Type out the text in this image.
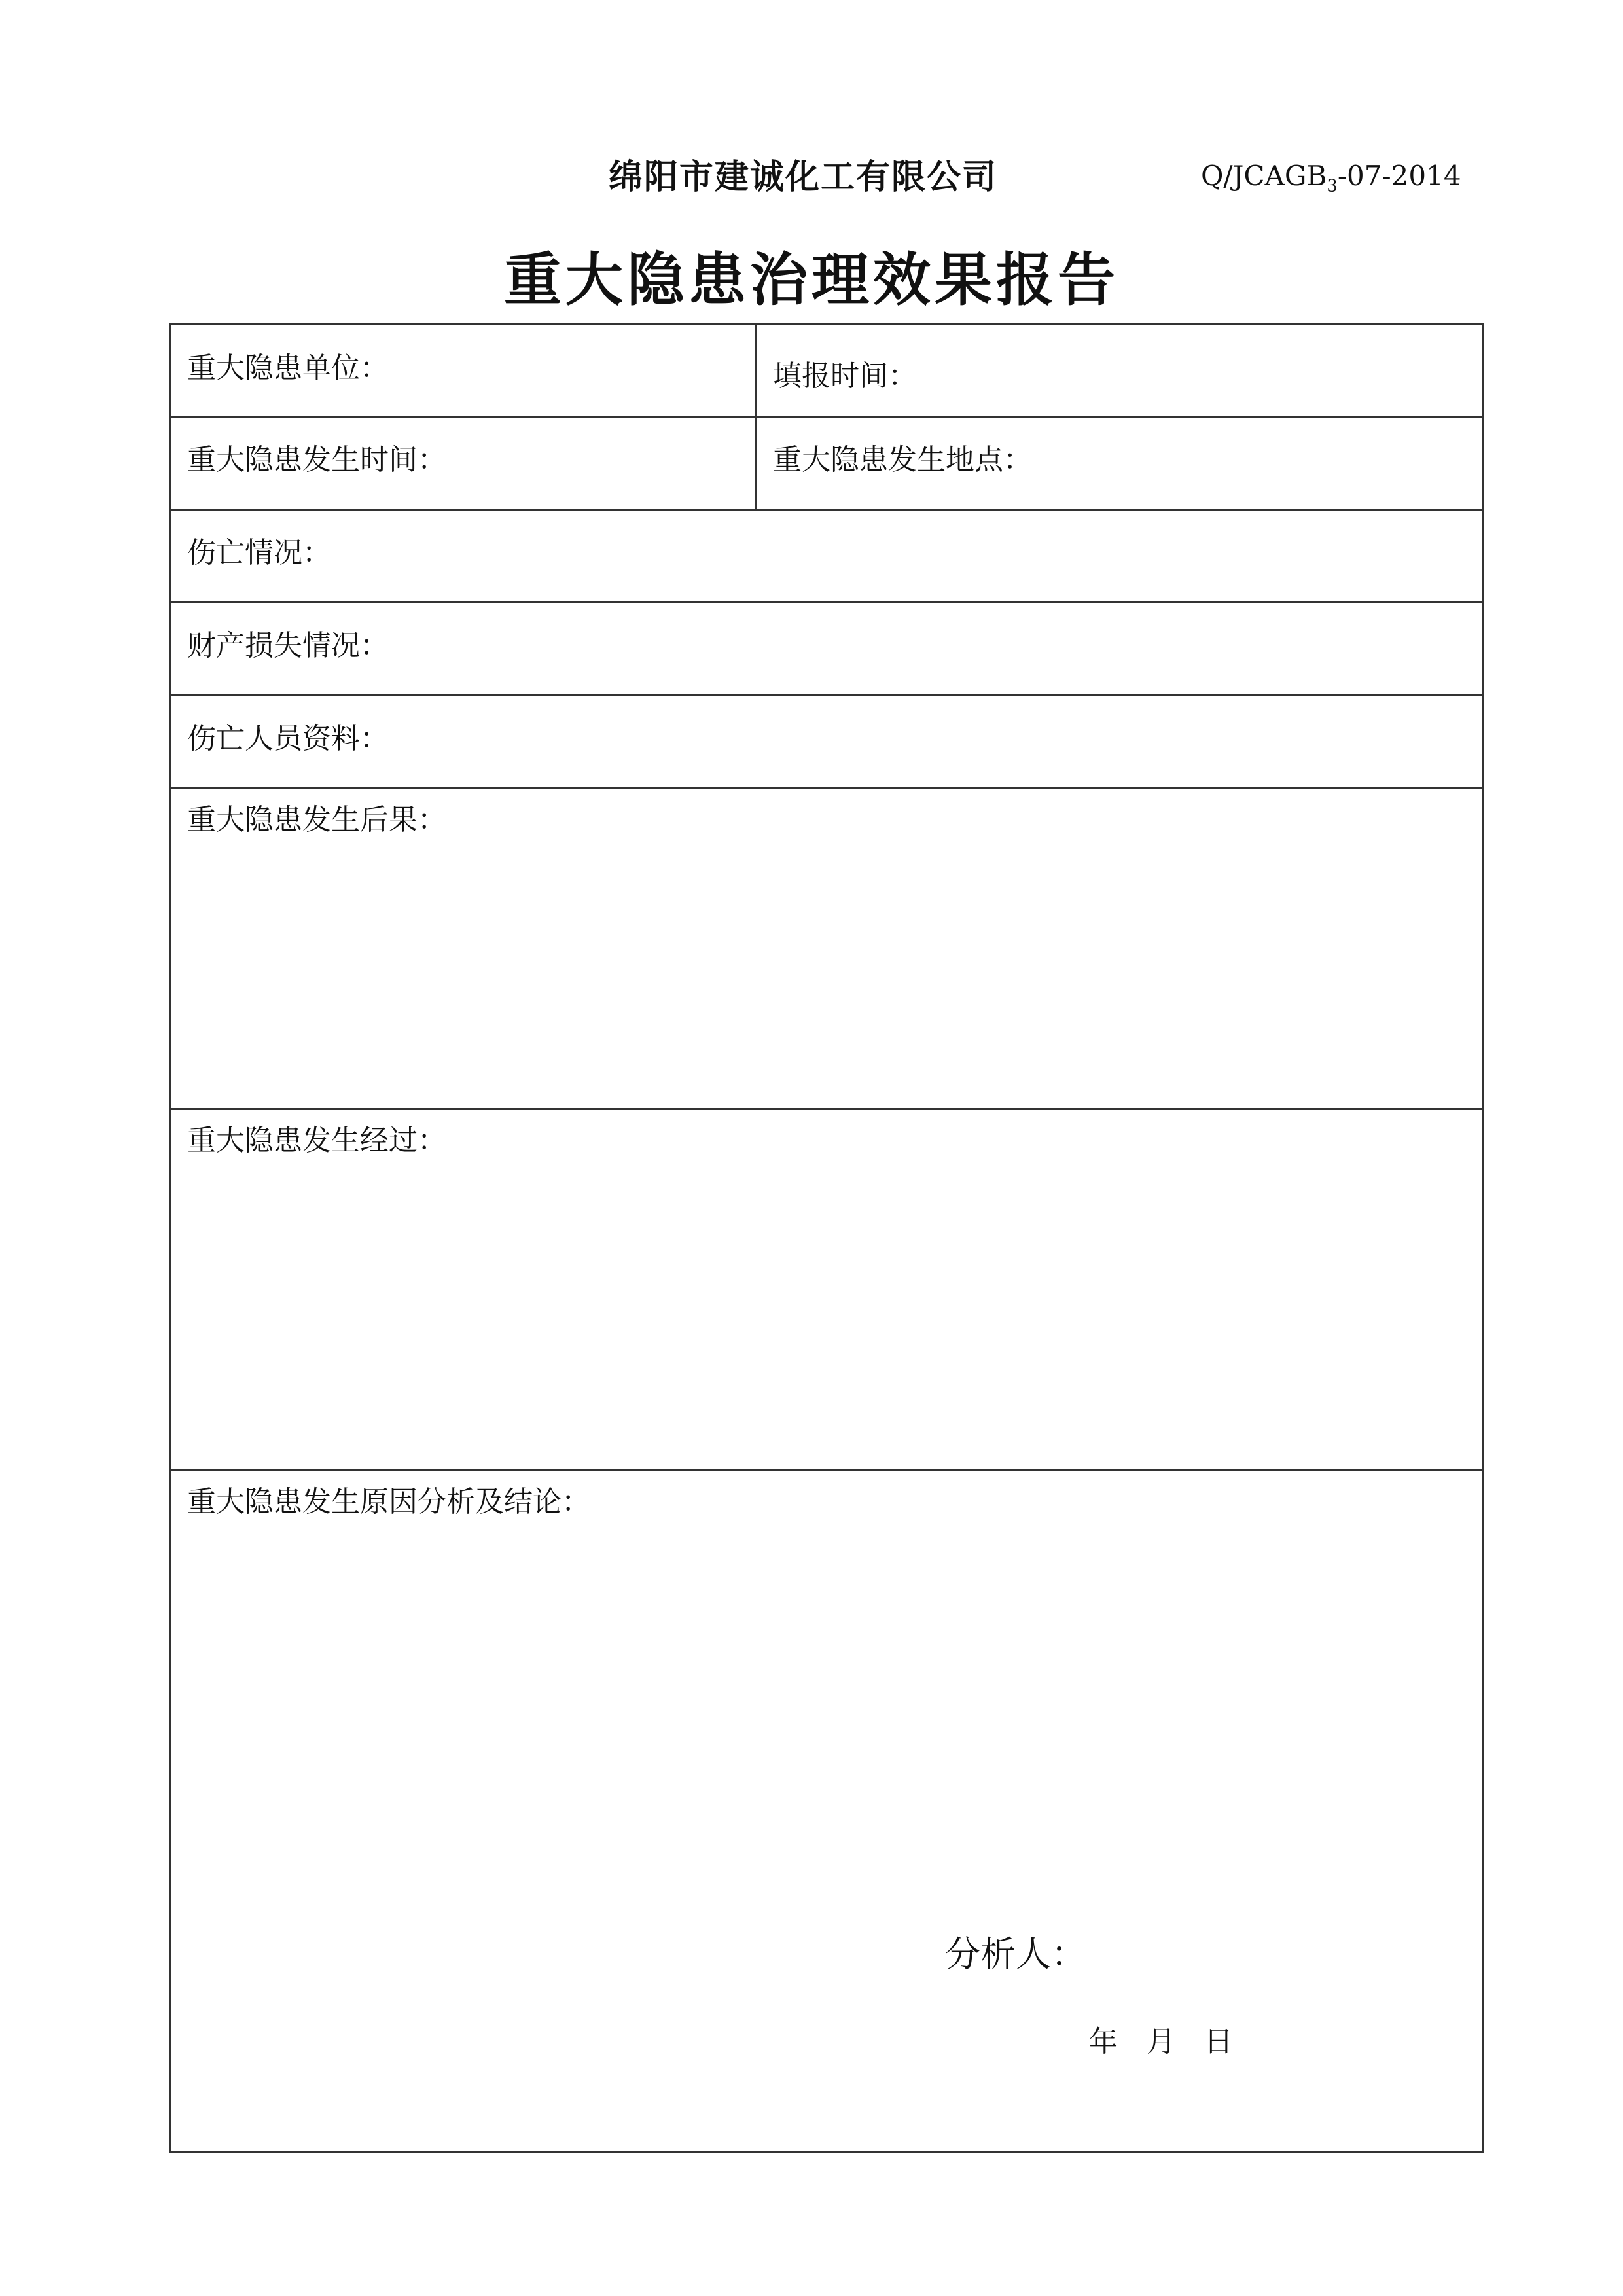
绵阳市建诚化工有限公司	$Q/JCAGB_3-07-2014$
重大隐患治理效果报告
重大隐患单位：	填报时间：
重大隐患发生时间：	重大隐患发生地点：
伤亡情况：
财产损失情况：
伤亡人员资料：
重大隐患发生后果：
重大隐患发生经过：
重大隐患发生原因分析及结论：
分析人：
年　月　日
